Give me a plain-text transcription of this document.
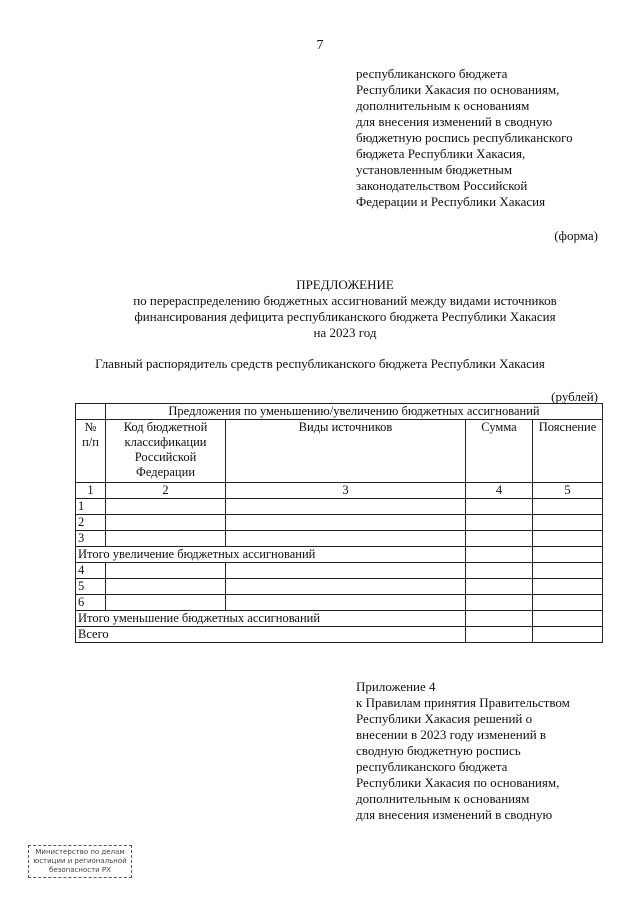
7
республиканского бюджета
Республики Хакасия по основаниям,
дополнительным к основаниям
для внесения изменений в сводную
бюджетную роспись республиканского
бюджета Республики Хакасия,
установленным бюджетным
законодательством Российской
Федерации и Республики Хакасия
(форма)
ПРЕДЛОЖЕНИЕ
по перераспределению бюджетных ассигнований между видами источников
финансирования дефицита республиканского бюджета Республики Хакасия
на 2023 год
Главный распорядитель средств республиканского бюджета Республики Хакасия
(рублей)
	Предложения по уменьшению/увеличению бюджетных ассигнований			
№ п/п	Код бюджетной классификации Российской Федерации	Виды источников	Сумма	Пояснение
1	2	3	4	5
1				
2				
3				
Итого увеличение бюджетных ассигнований				
4				
5				
6				
Итого уменьшение бюджетных ассигнований				
Всего				
Приложение 4
к Правилам принятия Правительством
Республики Хакасия решений о
внесении в 2023 году изменений в
сводную бюджетную роспись
республиканского бюджета
Республики Хакасия по основаниям,
дополнительным к основаниям
для внесения изменений в сводную
Министерство по делам
юстиции и региональной
безопасности РХ
